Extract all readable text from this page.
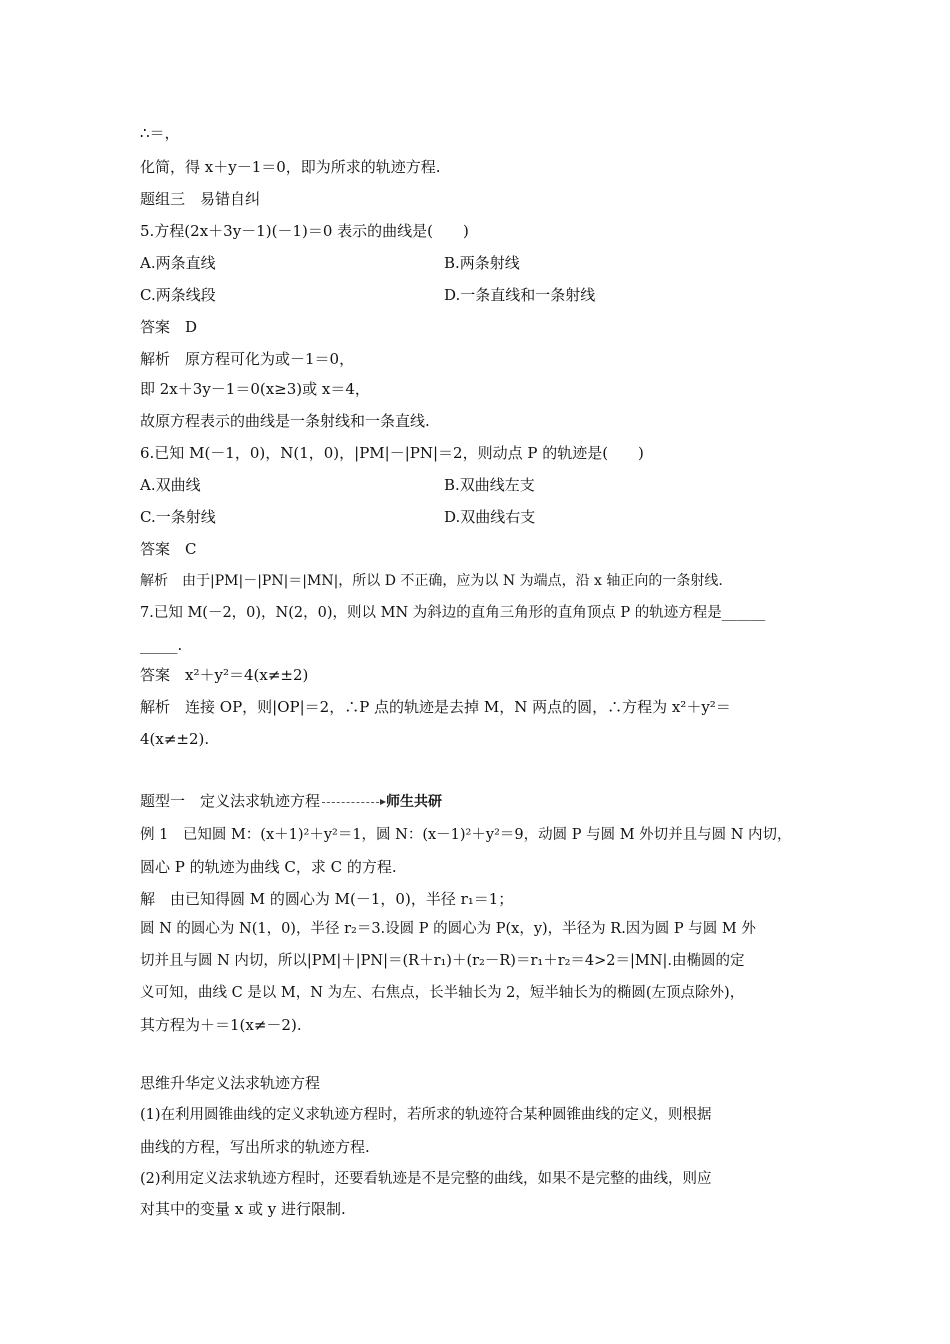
∴＝，
化简，得 x＋y－1＝0，即为所求的轨迹方程.
题组三　易错自纠
5.方程(2x＋3y－1)(－1)＝0 表示的曲线是(　　)
A.两条直线	B.两条射线
C.两条线段	D.一条直线和一条射线
答案　D
解析　原方程可化为或－1＝0，
即 2x＋3y－1＝0(x≥3)或 x＝4，
故原方程表示的曲线是一条射线和一条直线.
6.已知 M(－1，0)，N(1，0)，|PM|－|PN|＝2，则动点 P 的轨迹是(　　)
A.双曲线	B.双曲线左支
C.一条射线	D.双曲线右支
答案　C
解析　由于|PM|－|PN|＝|MN|，所以 D 不正确，应为以 N 为端点，沿 x 轴正向的一条射线.
7.已知 M(－2，0)，N(2，0)，则以 MN 为斜边的直角三角形的直角顶点 P 的轨迹方程是______
_____.
答案　x²＋y²＝4(x≠±2)
解析　连接 OP，则|OP|＝2，∴P 点的轨迹是去掉 M，N 两点的圆，∴方程为 x²＋y²＝
4(x≠±2).
题型一　定义法求轨迹方程	师生共研
例 1　已知圆 M：(x＋1)²＋y²＝1，圆 N：(x－1)²＋y²＝9，动圆 P 与圆 M 外切并且与圆 N 内切，
圆心 P 的轨迹为曲线 C，求 C 的方程.
解　由已知得圆 M 的圆心为 M(－1，0)，半径 r₁＝1；
圆 N 的圆心为 N(1，0)，半径 r₂＝3.设圆 P 的圆心为 P(x，y)，半径为 R.因为圆 P 与圆 M 外
切并且与圆 N 内切，所以|PM|＋|PN|＝(R＋r₁)＋(r₂－R)＝r₁＋r₂＝4>2＝|MN|.由椭圆的定
义可知，曲线 C 是以 M，N 为左、右焦点，长半轴长为 2，短半轴长为的椭圆(左顶点除外)，
其方程为＋＝1(x≠－2).
思维升华定义法求轨迹方程
(1)在利用圆锥曲线的定义求轨迹方程时，若所求的轨迹符合某种圆锥曲线的定义，则根据
曲线的方程，写出所求的轨迹方程.
(2)利用定义法求轨迹方程时，还要看轨迹是不是完整的曲线，如果不是完整的曲线，则应
对其中的变量 x 或 y 进行限制.
